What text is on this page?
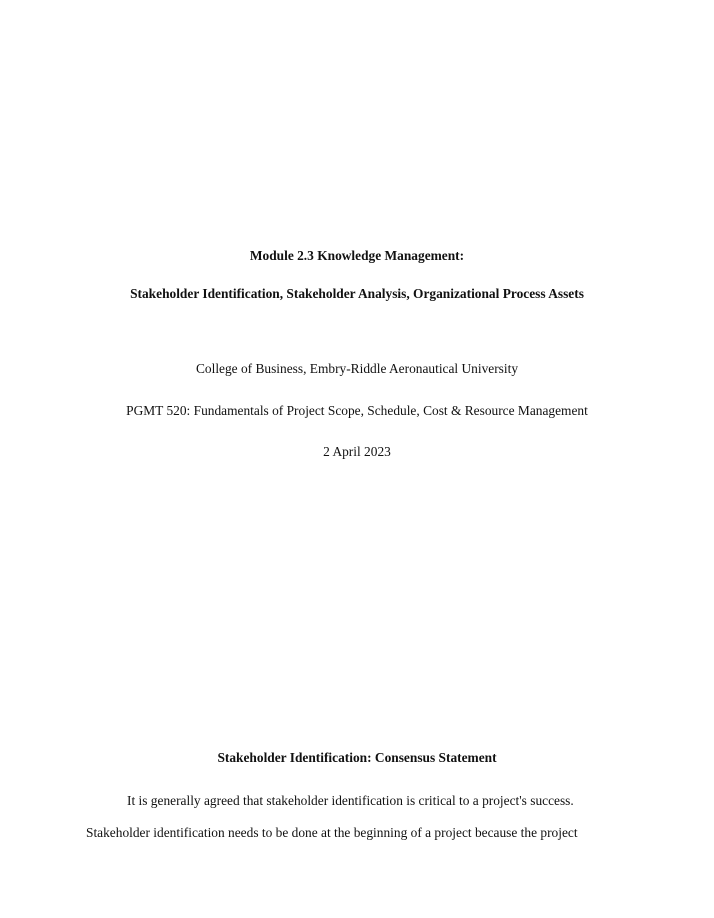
Module 2.3 Knowledge Management:
Stakeholder Identification, Stakeholder Analysis, Organizational Process Assets
College of Business, Embry-Riddle Aeronautical University
PGMT 520: Fundamentals of Project Scope, Schedule, Cost & Resource Management
2 April 2023
Stakeholder Identification: Consensus Statement
It is generally agreed that stakeholder identification is critical to a project's success.
Stakeholder identification needs to be done at the beginning of a project because the project
